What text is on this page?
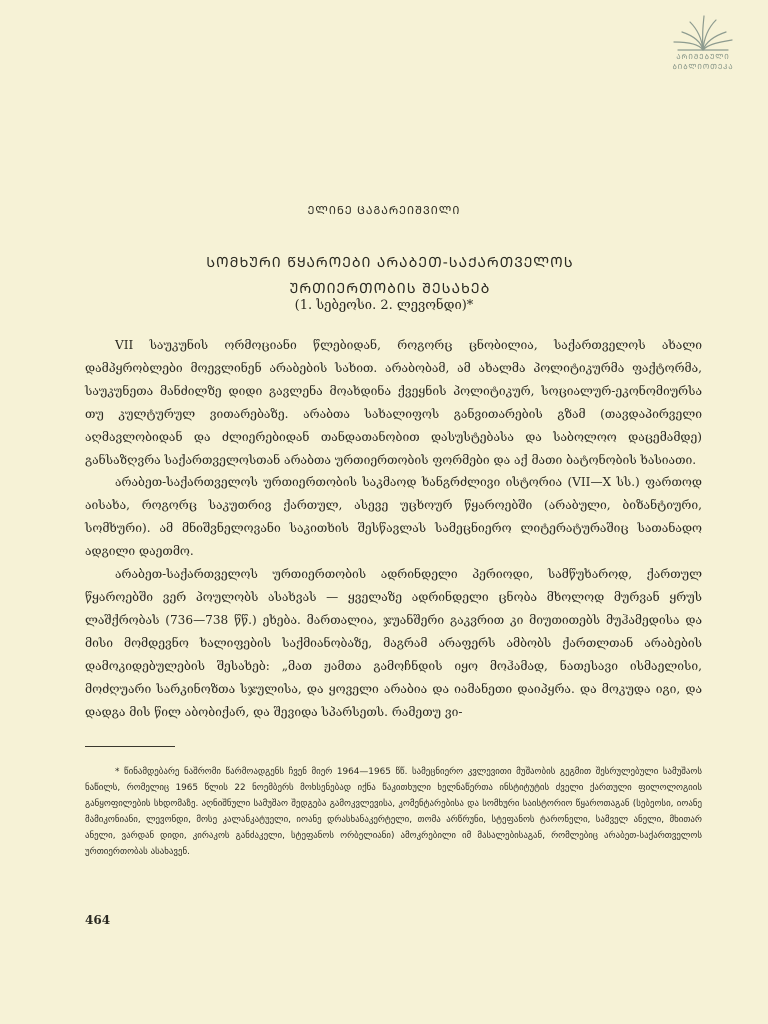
ᲐᲠᲘᲛᲔᲑᲣᲚᲘ
ᲑᲘᲑᲚᲘᲝᲗᲔᲙᲐ
ᲔᲚᲘᲜᲔ ᲪᲐᲒᲐᲠᲔᲘᲨᲕᲘᲚᲘ
ᲡᲝᲛᲮᲣᲠᲘ ᲬᲧᲐᲠᲝᲔᲑᲘ ᲐᲠᲐᲑᲔᲗ-ᲡᲐᲥᲐᲠᲗᲕᲔᲚᲝᲡ
ᲣᲠᲗᲘᲔᲠᲗᲝᲑᲘᲡ ᲨᲔᲡᲐᲮᲔᲑ
(1. სებეოსი. 2. ლევონდი)*

VII საუკუნის ორმოციანი წლებიდან, როგორც ცნობილია, საქართველოს ახალი დამპყრობლები მოევლინენ არაბების სახით. არაბობამ, ამ ახალმა პოლიტიკურმა ფაქტორმა, საუკუნეთა მანძილზე დიდი გავლენა მოახდინა ქვეყნის პოლიტიკურ, სოციალურ-ეკონომიურსა თუ კულტურულ ვითარებაზე. არაბთა სახალიფოს განვითარების გზამ (თავდაპირველი აღმავლობიდან და ძლიერებიდან თანდათანობით დასუსტებასა და საბოლოო დაცემამდე) განსაზღვრა საქართველოსთან არაბთა ურთიერთობის ფორმები და აქ მათი ბატონობის ხასიათი.

არაბეთ-საქართველოს ურთიერთობის საკმაოდ ხანგრძლივი ისტორია (VII—X სს.) ფართოდ აისახა, როგორც საკუთრივ ქართულ, ასევე უცხოურ წყაროებში (არაბული, ბიზანტიური, სომხური). ამ მნიშვნელოვანი საკითხის შესწავლას სამეცნიერო ლიტერატურაშიც სათანადო ადგილი დაეთმო.

არაბეთ-საქართველოს ურთიერთობის ადრინდელი პერიოდი, სამწუხაროდ, ქართულ წყაროებში ვერ პოულობს ასახვას — ყველაზე ადრინდელი ცნობა მხოლოდ მურვან ყრუს ლაშქრობას (736—738 წწ.) ეხება. მართალია, ჯუანშერი გაკვრით კი მიუთითებს მუჰამედისა და მისი მომდევნო ხალიფების საქმიანობაზე, მაგრამ არაფერს ამბობს ქართლთან არაბების დამოკიდებულების შესახებ: „მათ ჟამთა გამოჩნდის იყო მოჰამად, ნათესავი ისმაელისი, მოძღუარი სარკინოზთა სჯულისა, და ყოველი არაბია და იამანეთი დაიპყრა. და მოკუდა იგი, და დადგა მის წილ აბობიქარ, და შევიდა სპარსეთს. რამეთუ ვი-

* წინამდებარე ნაშრომი წარმოადგენს ჩვენ მიერ 1964—1965 წწ. სამეცნიერო კვლევითი მუშაობის გეგმით შესრულებული სამუშაოს ნაწილს, რომელიც 1965 წლის 22 ნოემბერს მოხსენებად იქნა წაკითხული ხელნაწერთა ინსტიტუტის ძველი ქართული ფილოლოგიის განყოფილების სხდომაზე. აღნიშნული სამუშაო შედგება გამოკვლევისა, კომენტარებისა და სომხური საისტორიო წყაროთაგან (სებეოსი, იოანე მამიკონიანი, ლევონდი, მოსე კალანკატუელი, იოანე დრასხანაკერტელი, თომა არწრუნი, სტეფანოს ტარონელი, სამველ ანელი, მხითარ ანელი, ვარდან დიდი, კირაკოს განძაკელი, სტეფანოს ორბელიანი) ამოკრებილი იმ მასალებისაგან, რომლებიც არაბეთ-საქართველოს ურთიერთობას ასახავენ.

464
